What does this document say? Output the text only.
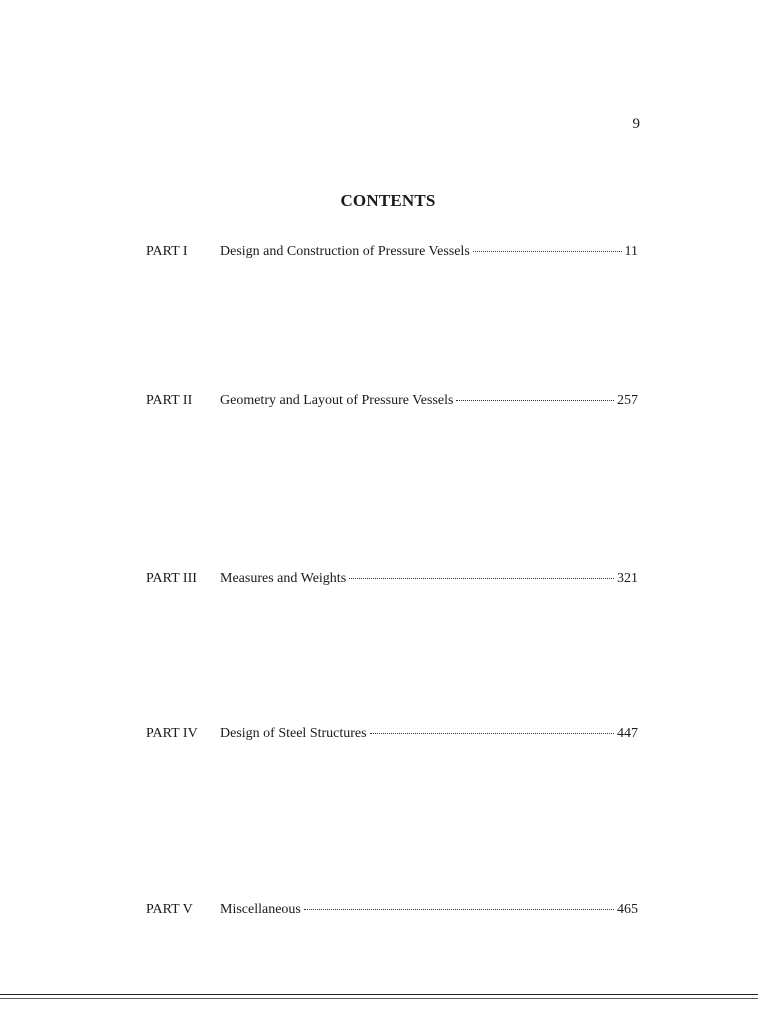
9
CONTENTS
PART I Design and Construction of Pressure Vessels	11
PART II Geometry and Layout of Pressure Vessels	257
PART III Measures and Weights	321
PART IV Design of Steel Structures	447
PART V Miscellaneous	465
